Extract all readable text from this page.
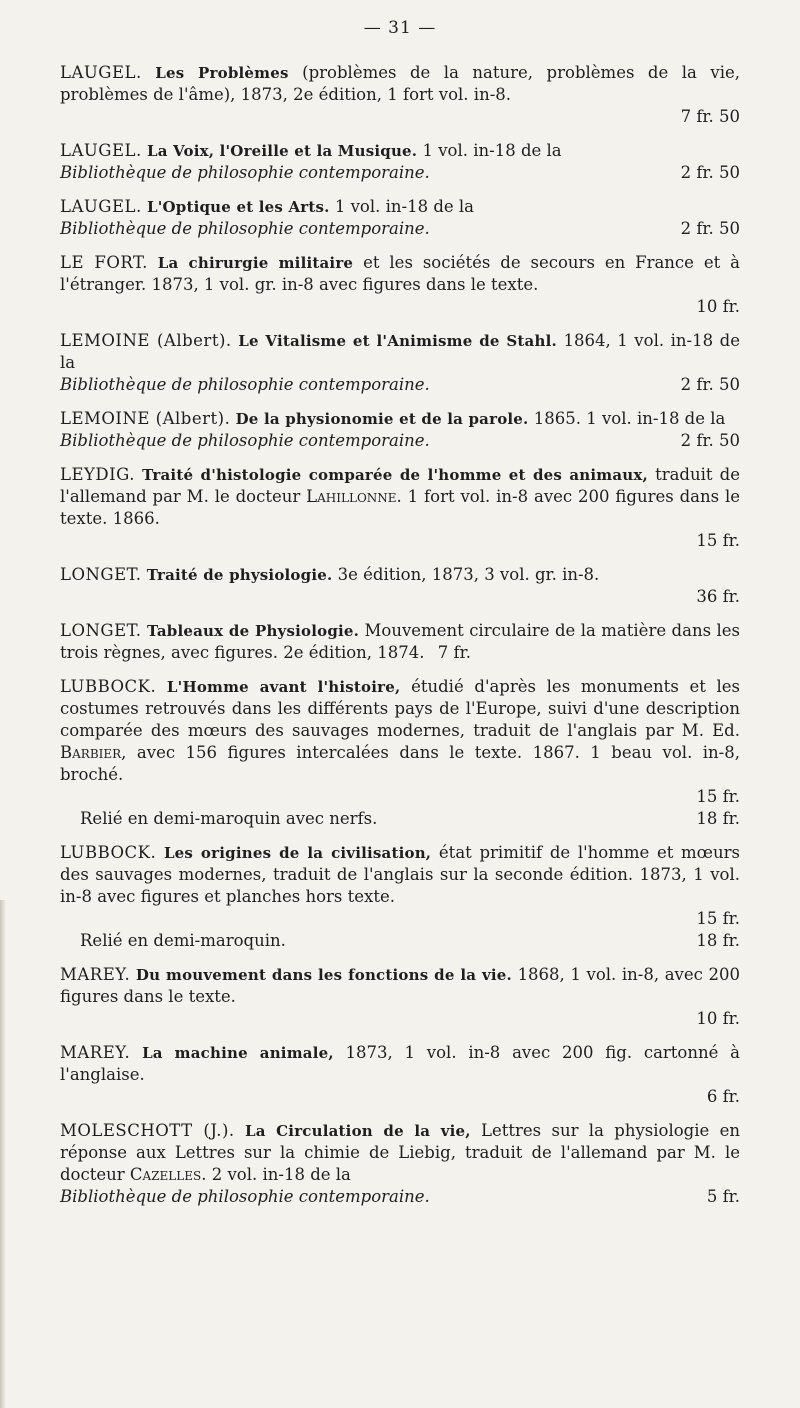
— 31 —
LAUGEL. Les Problèmes (problèmes de la nature, problèmes de la vie, problèmes de l'âme), 1873, 2e édition, 1 fort vol. in-8.
7 fr. 50
LAUGEL. La Voix, l'Oreille et la Musique. 1 vol. in-18 de la
Bibliothèque de philosophie contemporaine.	2 fr. 50
LAUGEL. L'Optique et les Arts. 1 vol. in-18 de la
Bibliothèque de philosophie contemporaine.	2 fr. 50
LE FORT. La chirurgie militaire et les sociétés de secours en France et à l'étranger. 1873, 1 vol. gr. in-8 avec figures dans le texte.
10 fr.
LEMOINE (Albert). Le Vitalisme et l'Animisme de Stahl. 1864, 1 vol. in-18 de la
Bibliothèque de philosophie contemporaine.	2 fr. 50
LEMOINE (Albert). De la physionomie et de la parole. 1865. 1 vol. in-18 de la
Bibliothèque de philosophie contemporaine.	2 fr. 50
LEYDIG. Traité d'histologie comparée de l'homme et des animaux, traduit de l'allemand par M. le docteur Lahillonne. 1 fort vol. in-8 avec 200 figures dans le texte. 1866.
15 fr.
LONGET. Traité de physiologie. 3e édition, 1873, 3 vol. gr. in-8.
36 fr.
LONGET. Tableaux de Physiologie. Mouvement circulaire de la matière dans les trois règnes, avec figures. 2e édition, 1874. 7 fr.
LUBBOCK. L'Homme avant l'histoire, étudié d'après les monuments et les costumes retrouvés dans les différents pays de l'Europe, suivi d'une description comparée des mœurs des sauvages modernes, traduit de l'anglais par M. Ed. Barbier, avec 156 figures intercalées dans le texte. 1867. 1 beau vol. in-8, broché.
15 fr.
Relié en demi-maroquin avec nerfs.	18 fr.
LUBBOCK. Les origines de la civilisation, état primitif de l'homme et mœurs des sauvages modernes, traduit de l'anglais sur la seconde édition. 1873, 1 vol. in-8 avec figures et planches hors texte.
15 fr.
Relié en demi-maroquin.	18 fr.
MAREY. Du mouvement dans les fonctions de la vie. 1868, 1 vol. in-8, avec 200 figures dans le texte.
10 fr.
MAREY. La machine animale, 1873, 1 vol. in-8 avec 200 fig. cartonné à l'anglaise.
6 fr.
MOLESCHOTT (J.). La Circulation de la vie, Lettres sur la physiologie en réponse aux Lettres sur la chimie de Liebig, traduit de l'allemand par M. le docteur Cazelles. 2 vol. in-18 de la
Bibliothèque de philosophie contemporaine.	5 fr.
